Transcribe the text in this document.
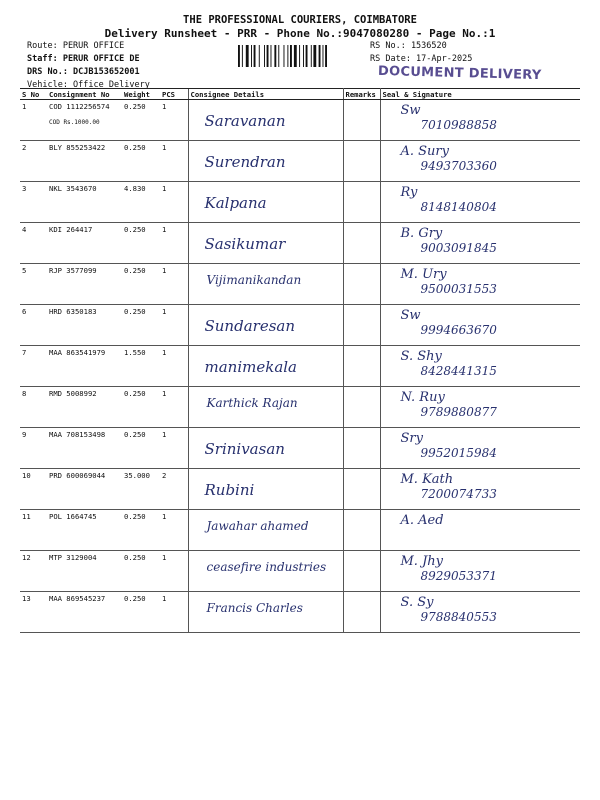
THE PROFESSIONAL COURIERS, COIMBATORE
Delivery Runsheet - PRR - Phone No.:9047080280 - Page No.:1
Route: PERUR OFFICE
Staff: PERUR OFFICE DE
DRS No.: DCJB153652001
Vehicle: Office Delivery
RS No.: 1536520
RS Date: 17-Apr-2025
DOCUMENT DELIVERY
S No	Consignment No	Weight	PCS	Consignee Details	Remarks	Seal & Signature
1	COD 1112256574
COD Rs.1000.00	0.250	1	Saravanan		Sw
7010988858

2	BLY 855253422	0.250	1	Surendran		A. Sury
9493703360

3	NKL 3543670	4.830	1	Kalpana		Ry
8148140804

4	KDI 264417	0.250	1	Sasikumar		B. Gry
9003091845

5	RJP 3577099	0.250	1	Vijimanikandan		M. Ury
9500031553

6	HRD 6350183	0.250	1	Sundaresan		Sw
9994663670

7	MAA 863541979	1.550	1	manimekala		S. Shy
8428441315

8	RMD 5008992	0.250	1	Karthick Rajan		N. Ruy
9789880877

9	MAA 708153498	0.250	1	Srinivasan		Sry
9952015984

10	PRD 600069044	35.000	2	Rubini		M. Kath
7200074733

11	POL 1664745	0.250	1	Jawahar ahamed		A. Aed

12	MTP 3129004	0.250	1	ceasefire industries		M. Jhy
8929053371

13	MAA 869545237	0.250	1	Francis Charles		S. Sy
9788840553
